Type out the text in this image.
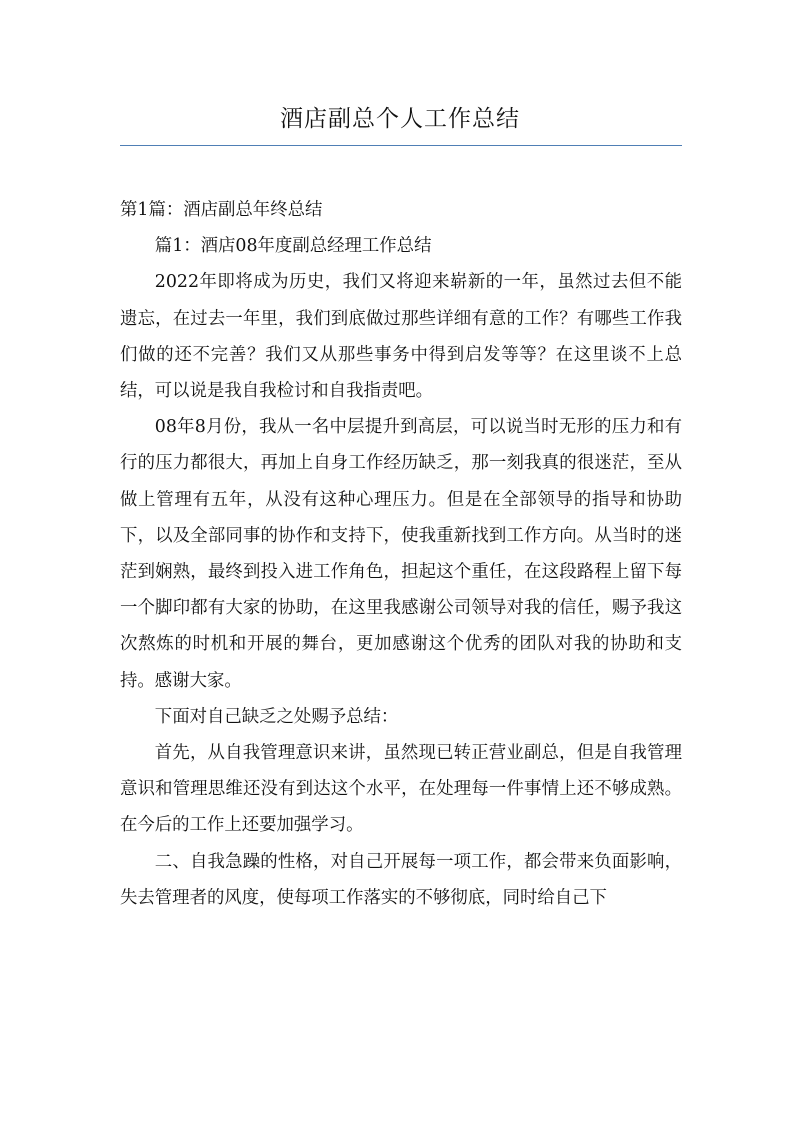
酒店副总个人工作总结

第1篇：酒店副总年终总结

篇1：酒店08年度副总经理工作总结

2022年即将成为历史，我们又将迎来崭新的一年，虽然过去但不能遗忘，在过去一年里，我们到底做过那些详细有意的工作？有哪些工作我们做的还不完善？我们又从那些事务中得到启发等等？在这里谈不上总结，可以说是我自我检讨和自我指责吧。

08年8月份，我从一名中层提升到高层，可以说当时无形的压力和有行的压力都很大，再加上自身工作经历缺乏，那一刻我真的很迷茫，至从做上管理有五年，从没有这种心理压力。但是在全部领导的指导和协助下，以及全部同事的协作和支持下，使我重新找到工作方向。从当时的迷茫到娴熟，最终到投入进工作角色，担起这个重任，在这段路程上留下每一个脚印都有大家的协助，在这里我感谢公司领导对我的信任，赐予我这次熬炼的时机和开展的舞台，更加感谢这个优秀的团队对我的协助和支持。感谢大家。

下面对自己缺乏之处赐予总结：

首先，从自我管理意识来讲，虽然现已转正营业副总，但是自我管理意识和管理思维还没有到达这个水平，在处理每一件事情上还不够成熟。在今后的工作上还要加强学习。

二、自我急躁的性格，对自己开展每一项工作，都会带来负面影响，失去管理者的风度，使每项工作落实的不够彻底，同时给自己下
